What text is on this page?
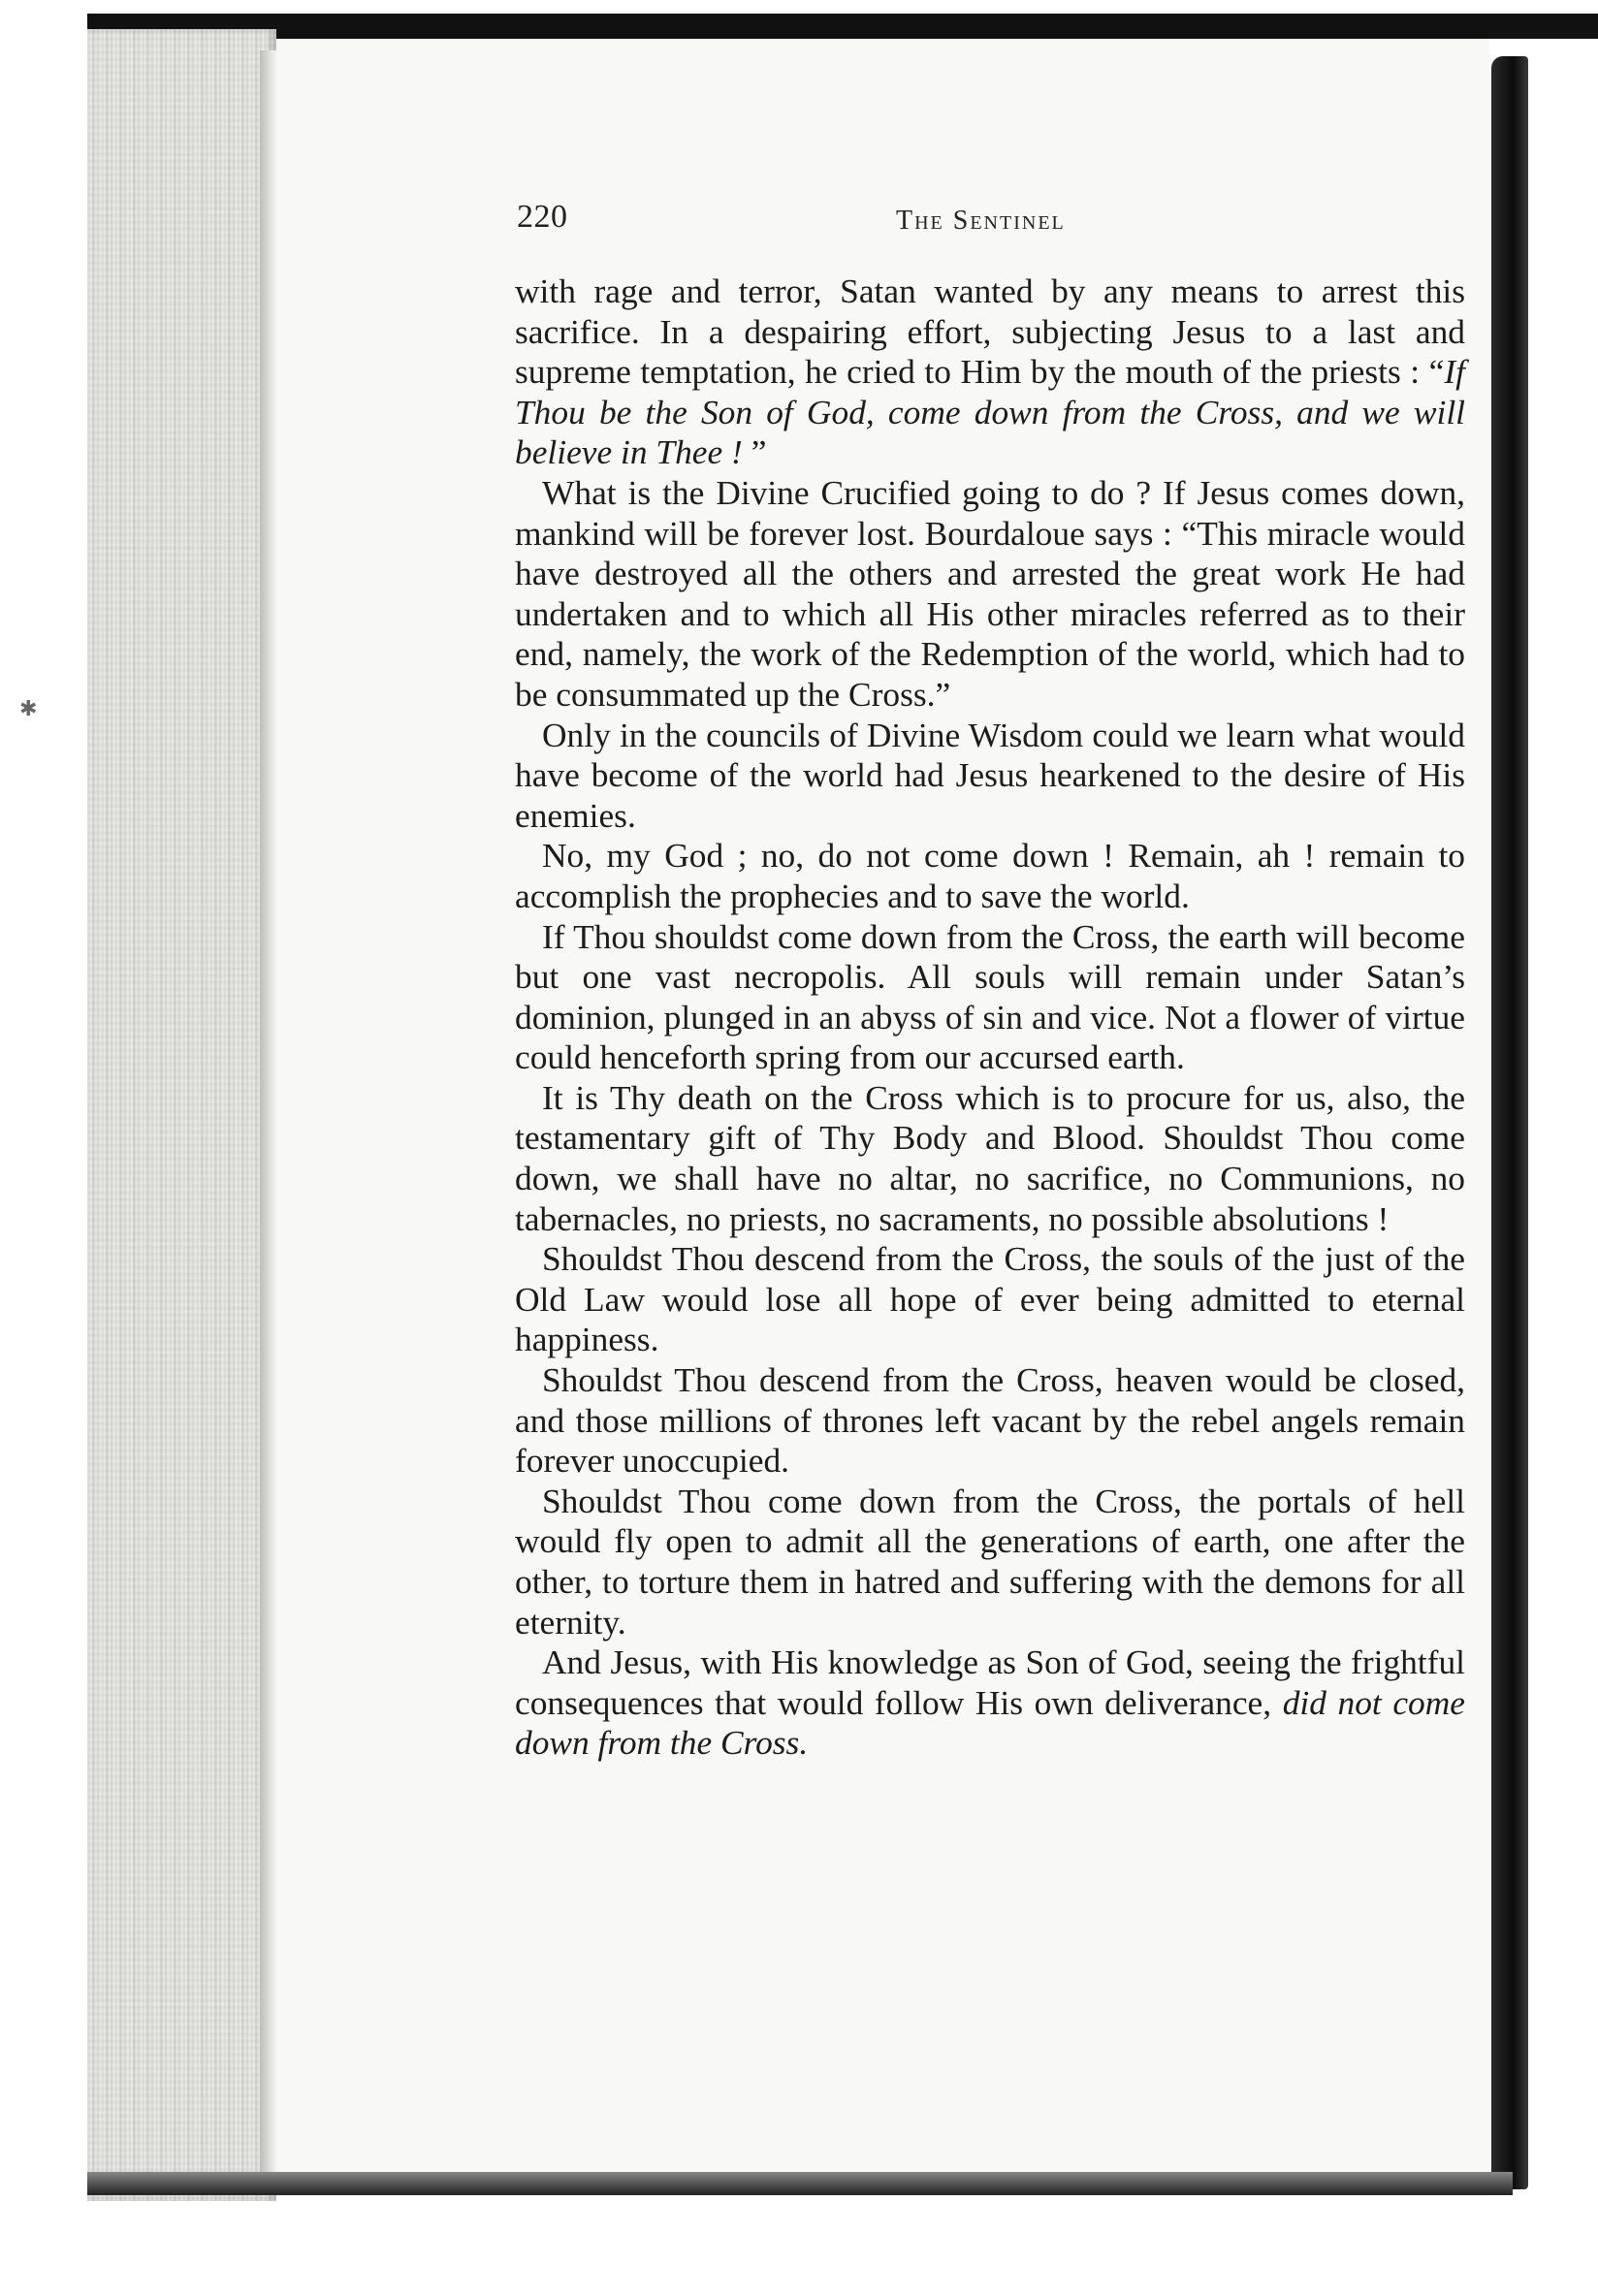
✱
220	The Sentinel

with rage and terror, Satan wanted by any means to arrest this sacrifice. In a despairing effort, subjecting Jesus to a last and supreme temptation, he cried to Him by the mouth of the priests : “If Thou be the Son of God, come down from the Cross, and we will believe in Thee ! ”

What is the Divine Crucified going to do ? If Jesus comes down, mankind will be forever lost. Bourdaloue says : “This miracle would have destroyed all the others and arrested the great work He had undertaken and to which all His other miracles referred as to their end, namely, the work of the Redemption of the world, which had to be consummated up the Cross.”

Only in the councils of Divine Wisdom could we learn what would have become of the world had Jesus hearkened to the desire of His enemies.

No, my God ; no, do not come down ! Remain, ah ! remain to accomplish the prophecies and to save the world.

If Thou shouldst come down from the Cross, the earth will become but one vast necropolis. All souls will remain under Satan’s dominion, plunged in an abyss of sin and vice. Not a flower of virtue could henceforth spring from our accursed earth.

It is Thy death on the Cross which is to procure for us, also, the testamentary gift of Thy Body and Blood. Shouldst Thou come down, we shall have no altar, no sacrifice, no Communions, no tabernacles, no priests, no sacraments, no possible absolutions !

Shouldst Thou descend from the Cross, the souls of the just of the Old Law would lose all hope of ever being admitted to eternal happiness.

Shouldst Thou descend from the Cross, heaven would be closed, and those millions of thrones left vacant by the rebel angels remain forever unoccupied.

Shouldst Thou come down from the Cross, the portals of hell would fly open to admit all the generations of earth, one after the other, to torture them in hatred and suffering with the demons for all eternity.

And Jesus, with His knowledge as Son of God, seeing the frightful consequences that would follow His own deliverance, did not come down from the Cross.
